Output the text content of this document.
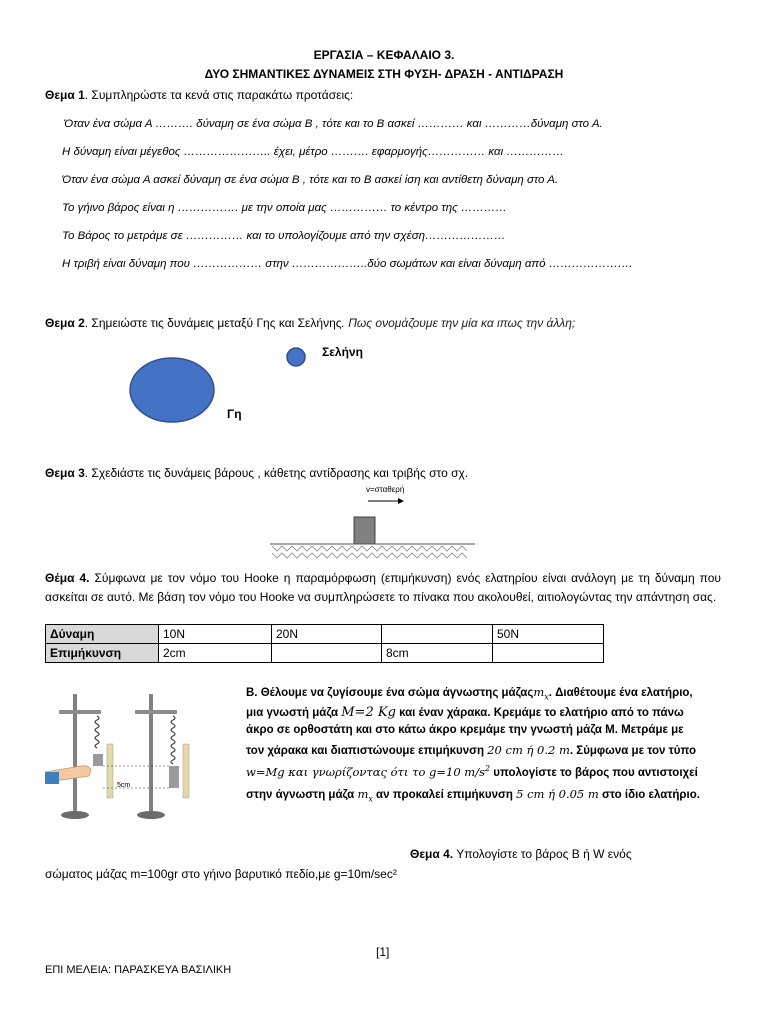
ΕΡΓΑΣΙΑ – ΚΕΦΑΛΑΙΟ 3.
ΔΥΟ ΣΗΜΑΝΤΙΚΕΣ ΔΥΝΑΜΕΙΣ ΣΤΗ ΦΥΣΗ- ΔΡΑΣΗ - ΑΝΤΙΔΡΑΣΗ
Θεμα 1. Συμπληρώστε τα κενά στις παρακάτω προτάσεις:
Όταν ένα σώμα Α ………. δύναμη σε ένα σώμα Β , τότε και το Β ασκεί ………… και …………δύναμη στο Α.
Η δύναμη είναι μέγεθος ………………….. έχει, μέτρο ………. εφαρμογής…………… και ……………
Όταν ένα σώμα Α ασκεί δύναμη σε ένα σώμα Β , τότε και το Β ασκεί ίση και αντίθετη δύναμη στο Α.
Το γήινο βάρος είναι η ……………. με την οποία μας …………… το κέντρο της …………
Το Βάρος το μετράμε σε …………… και το υπολογίζουμε από την σχέση…………………
Η τριβή είναι δύναμη που ……………… στην ………………..δύο σωμάτων και είναι δύναμη από ………………….
Θεμα 2. Σημειώστε τις δυνάμεις μεταξύ Γης και Σελήνης. Πως ονομάζουμε την μία κα ιπως την άλλη;
Σελήνη
Γη
Θεμα 3. Σχεδιάστε τις δυνάμεις βάρους , κάθετης αντίδρασης και τριβής στο σχ.
v=σταθερή
Θέμα 4. Σύμφωνα με τον νόμο του Hooke η παραμόρφωση (επιμήκυνση) ενός ελατηρίου είναι ανάλογη με τη δύναμη που ασκείται σε αυτό. Με βάση τον νόμο του Hooke να συμπληρώσετε το πίνακα που ακολουθεί, αιτιολογώντας την απάντηση σας.
Δύναμη	10N	20N		50N
Επιμήκυνση	2cm		8cm	
5cm
Β. Θέλουμε να ζυγίσουμε ένα σώμα άγνωστης μάζαςm$_x$. Διαθέτουμε ένα ελατήριο,
μια γνωστή μάζα M=2 Kg και έναν χάρακα. Κρεμάμε το ελατήριο από το πάνω
άκρο σε ορθοστάτη και στο κάτω άκρο κρεμάμε την γνωστή μάζα Μ. Μετράμε με
τον χάρακα και διαπιστώνουμε επιμήκυνση 20 cm ή 0.2 m. Σύμφωνα με τον τύπο
w=Mg και γνωρίζοντας ότι το g=10 $m/s^2$ υπολογίστε το βάρος που αντιστοιχεί
στην άγνωστη μάζα $m_x$ αν προκαλεί επιμήκυνση 5 cm ή 0.05 m στο ίδιο ελατήριο.
Θεμα 4. Υπολογίστε το βάρος Β ή W ενός
σώματος μάζας m=100gr στο γήινο βαρυτικό πεδίο,με g=10m/sec²
[1]
ΕΠΙ ΜΕΛΕΙΑ: ΠΑΡΑΣΚΕΥΑ ΒΑΣΙΛΙΚΗ
